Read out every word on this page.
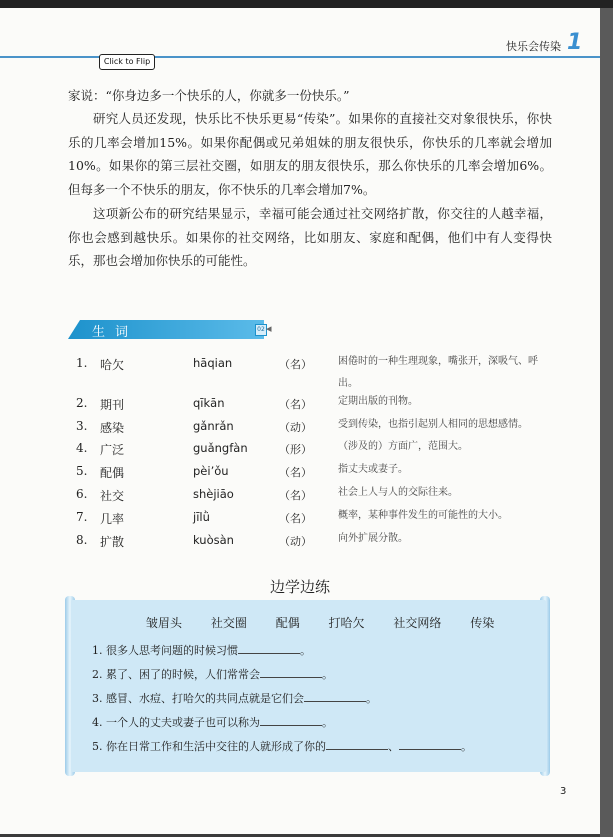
快乐会传染 1
Click to Flip
家说：“你身边多一个快乐的人，你就多一份快乐。”
研究人员还发现，快乐比不快乐更易“传染”。如果你的直接社交对象很快乐，你快乐的几率会增加15%。如果你配偶或兄弟姐妹的朋友很快乐，你快乐的几率就会增加10%。如果你的第三层社交圈，如朋友的朋友很快乐，那么你快乐的几率会增加6%。但每多一个不快乐的朋友，你不快乐的几率会增加7%。
这项新公布的研究结果显示，幸福可能会通过社交网络扩散，你交往的人越幸福，你也会感到越快乐。如果你的社交网络，比如朋友、家庭和配偶，他们中有人变得快乐，那也会增加你快乐的可能性。
生词	02 ◂
1. 哈欠	hāqian	（名）	困倦时的一种生理现象，嘴张开，深吸气、呼出。
2. 期刊	qīkān	（名）	定期出版的刊物。
3. 感染	gǎnrǎn	（动）	受到传染，也指引起别人相同的思想感情。
4. 广泛	guǎngfàn	（形）	（涉及的）方面广，范围大。
5. 配偶	pèi’ǒu	（名）	指丈夫或妻子。
6. 社交	shèjiāo	（名）	社会上人与人的交际往来。
7. 几率	jīlǜ	（名）	概率，某种事件发生的可能性的大小。
8. 扩散	kuòsàn	（动）	向外扩展分散。
边学边练
皱眉头 社交圈 配偶 打哈欠 社交网络 传染
1. 很多人思考问题的时候习惯	。
2. 累了、困了的时候，人们常常会	。
3. 感冒、水痘、打哈欠的共同点就是它们会	。
4. 一个人的丈夫或妻子也可以称为	。
5. 你在日常工作和生活中交往的人就形成了你的	、	。
3
